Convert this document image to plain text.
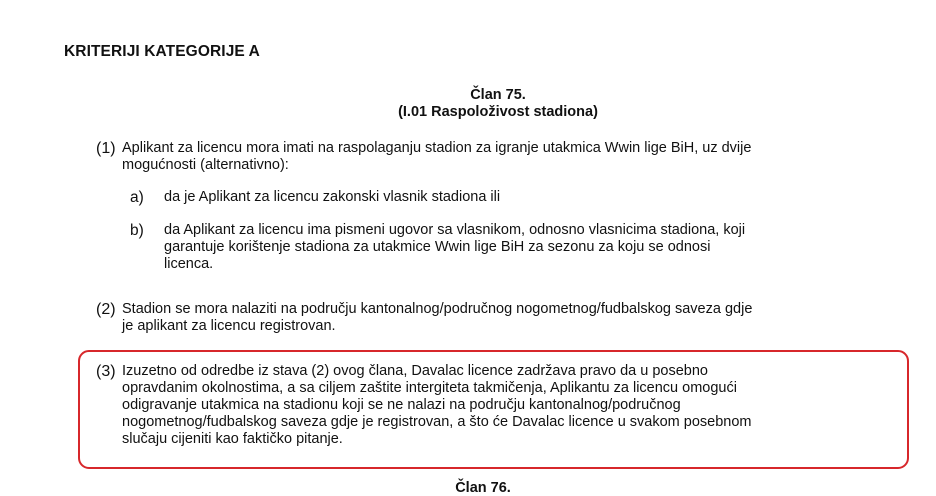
KRITERIJI KATEGORIJE A
Član 75.
(I.01 Raspoloživost stadiona)
(1) Aplikant za licencu mora imati na raspolaganju stadion za igranje utakmica Wwin lige BiH, uz dvije
mogućnosti (alternativno):
a) da je Aplikant za licencu zakonski vlasnik stadiona ili
b) da Aplikant za licencu ima pismeni ugovor sa vlasnikom, odnosno vlasnicima stadiona, koji
garantuje korištenje stadiona za utakmice Wwin lige BiH za sezonu za koju se odnosi
licenca.
(2) Stadion se mora nalaziti na području kantonalnog/područnog nogometnog/fudbalskog saveza gdje
je aplikant za licencu registrovan.
(3) Izuzetno od odredbe iz stava (2) ovog člana, Davalac licence zadržava pravo da u posebno
opravdanim okolnostima, a sa ciljem zaštite intergiteta takmičenja, Aplikantu za licencu omogući
odigravanje utakmica na stadionu koji se ne nalazi na području kantonalnog/područnog
nogometnog/fudbalskog saveza gdje je registrovan, a što će Davalac licence u svakom posebnom
slučaju cijeniti kao faktičko pitanje.
Član 76.
